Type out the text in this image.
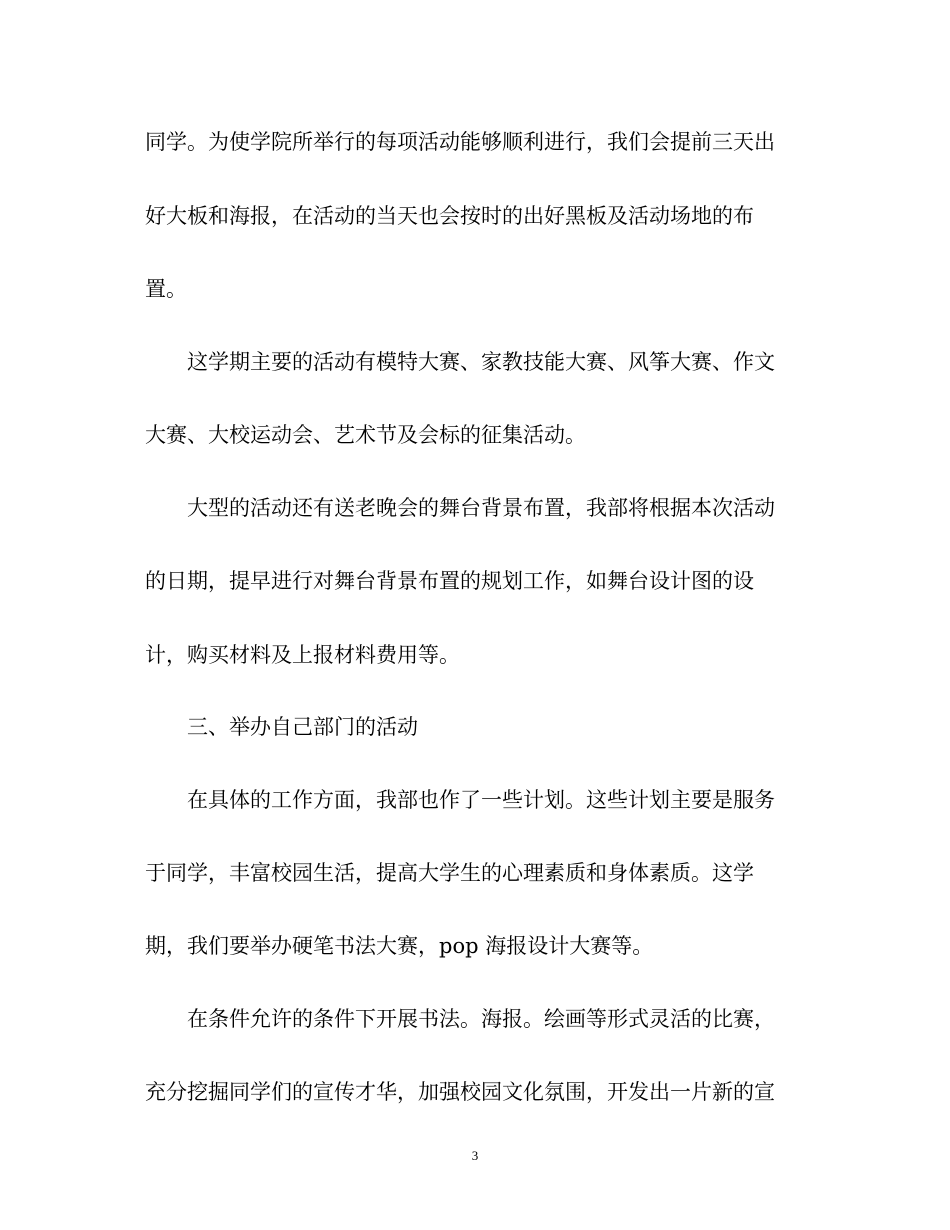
同学。为使学院所举行的每项活动能够顺利进行，我们会提前三天出
好大板和海报，在活动的当天也会按时的出好黑板及活动场地的布
置。
这学期主要的活动有模特大赛、家教技能大赛、风筝大赛、作文
大赛、大校运动会、艺术节及会标的征集活动。
大型的活动还有送老晚会的舞台背景布置，我部将根据本次活动
的日期，提早进行对舞台背景布置的规划工作，如舞台设计图的设
计，购买材料及上报材料费用等。
三、举办自己部门的活动
在具体的工作方面，我部也作了一些计划。这些计划主要是服务
于同学，丰富校园生活，提高大学生的心理素质和身体素质。这学
期，我们要举办硬笔书法大赛，pop 海报设计大赛等。
在条件允许的条件下开展书法。海报。绘画等形式灵活的比赛，
充分挖掘同学们的宣传才华，加强校园文化氛围，开发出一片新的宣
3
